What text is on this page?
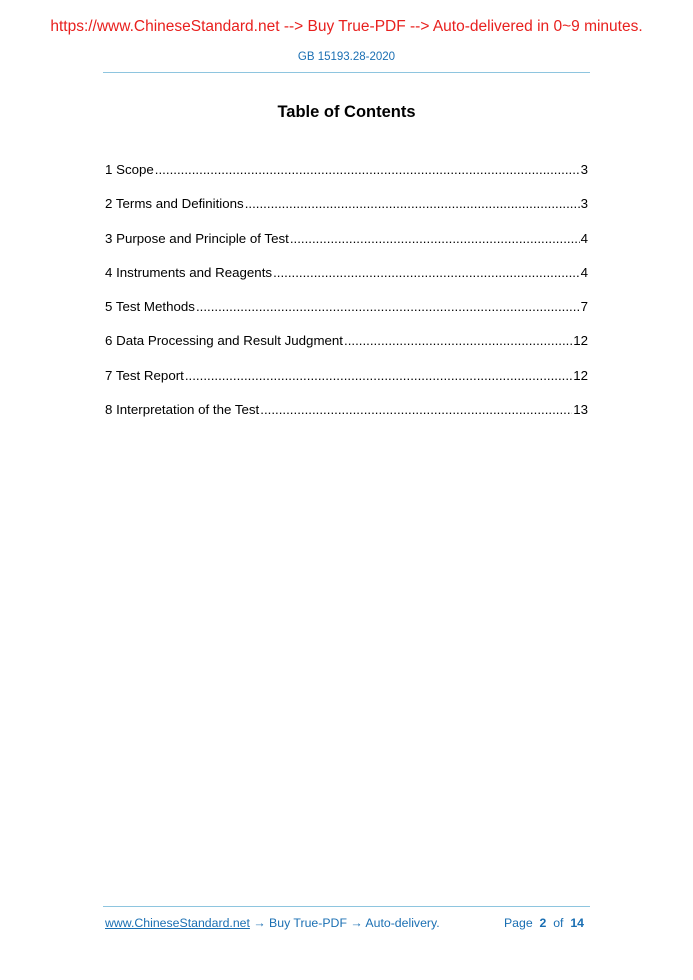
https://www.ChineseStandard.net --> Buy True-PDF --> Auto-delivered in 0~9 minutes.
GB 15193.28-2020
Table of Contents
1 Scope .....	3
2 Terms and Definitions .....	3
3 Purpose and Principle of Test .....	4
4 Instruments and Reagents .....	4
5 Test Methods .....	7
6 Data Processing and Result Judgment .....	12
7 Test Report .....	12
8 Interpretation of the Test .....	13
www.ChineseStandard.net → Buy True-PDF → Auto-delivery.	Page 2 of 14
